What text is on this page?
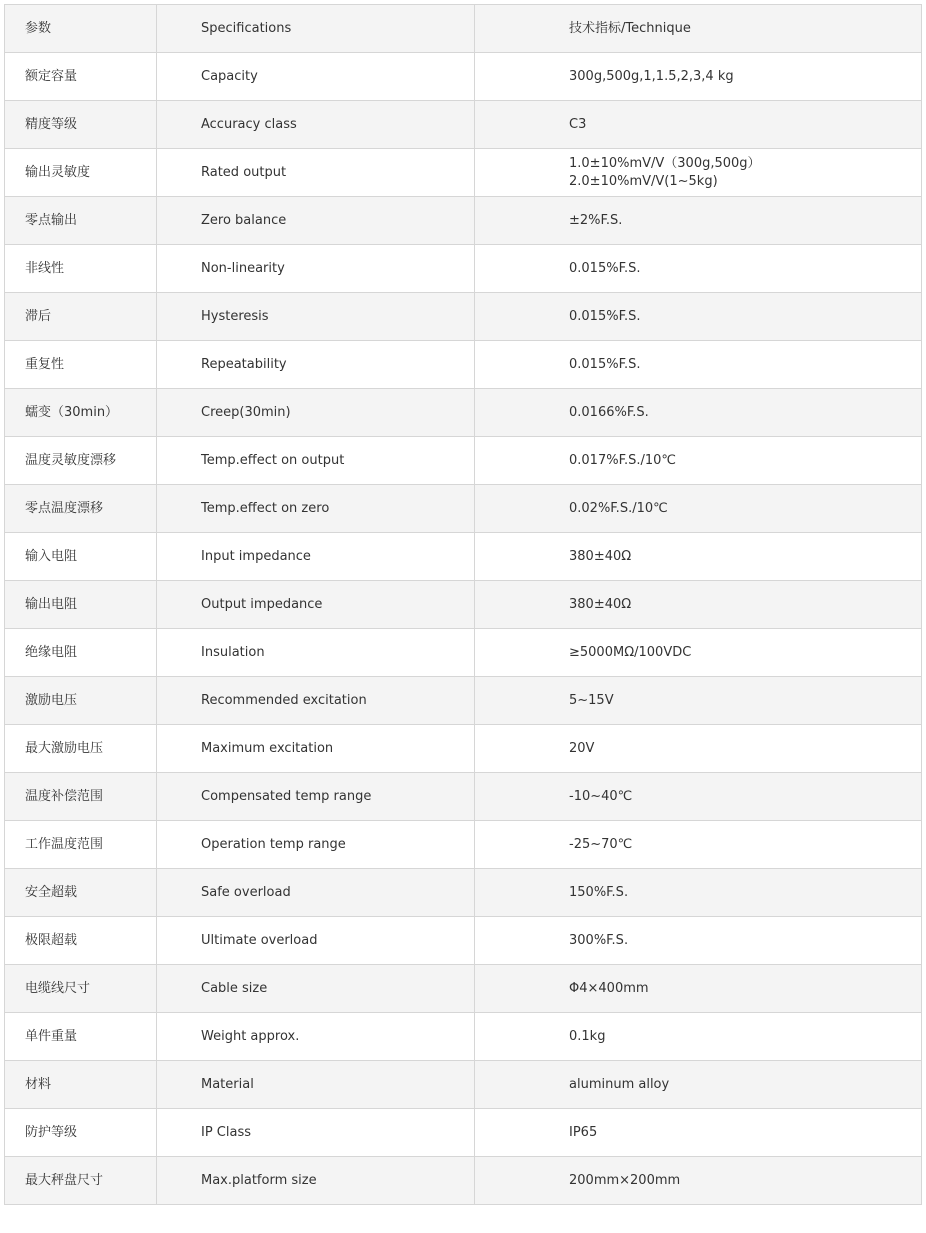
参数	Specifications	技术指标/Technique
额定容量	Capacity	300g,500g,1,1.5,2,3,4 kg

精度等级	Accuracy class	C3

输出灵敏度	Rated output	1.0±10%mV/V（300g,500g）
2.0±10%mV/V(1~5kg)

零点输出	Zero balance	±2%F.S.

非线性	Non-linearity	0.015%F.S.

滞后	Hysteresis	0.015%F.S.

重复性	Repeatability	0.015%F.S.

蠕变（30min）	Creep(30min)	0.0166%F.S.

温度灵敏度漂移	Temp.effect on output	0.017%F.S./10℃

零点温度漂移	Temp.effect on zero	0.02%F.S./10℃

输入电阻	Input impedance	380±40Ω

输出电阻	Output impedance	380±40Ω

绝缘电阻	Insulation	≥5000MΩ/100VDC

激励电压	Recommended excitation	5~15V

最大激励电压	Maximum excitation	20V

温度补偿范围	Compensated temp range	-10~40℃

工作温度范围	Operation temp range	-25~70℃

安全超载	Safe overload	150%F.S.

极限超载	Ultimate overload	300%F.S.

电缆线尺寸	Cable size	Φ4×400mm

单件重量	Weight approx.	0.1kg

材料	Material	aluminum alloy

防护等级	IP Class	IP65

最大秤盘尺寸	Max.platform size	200mm×200mm
